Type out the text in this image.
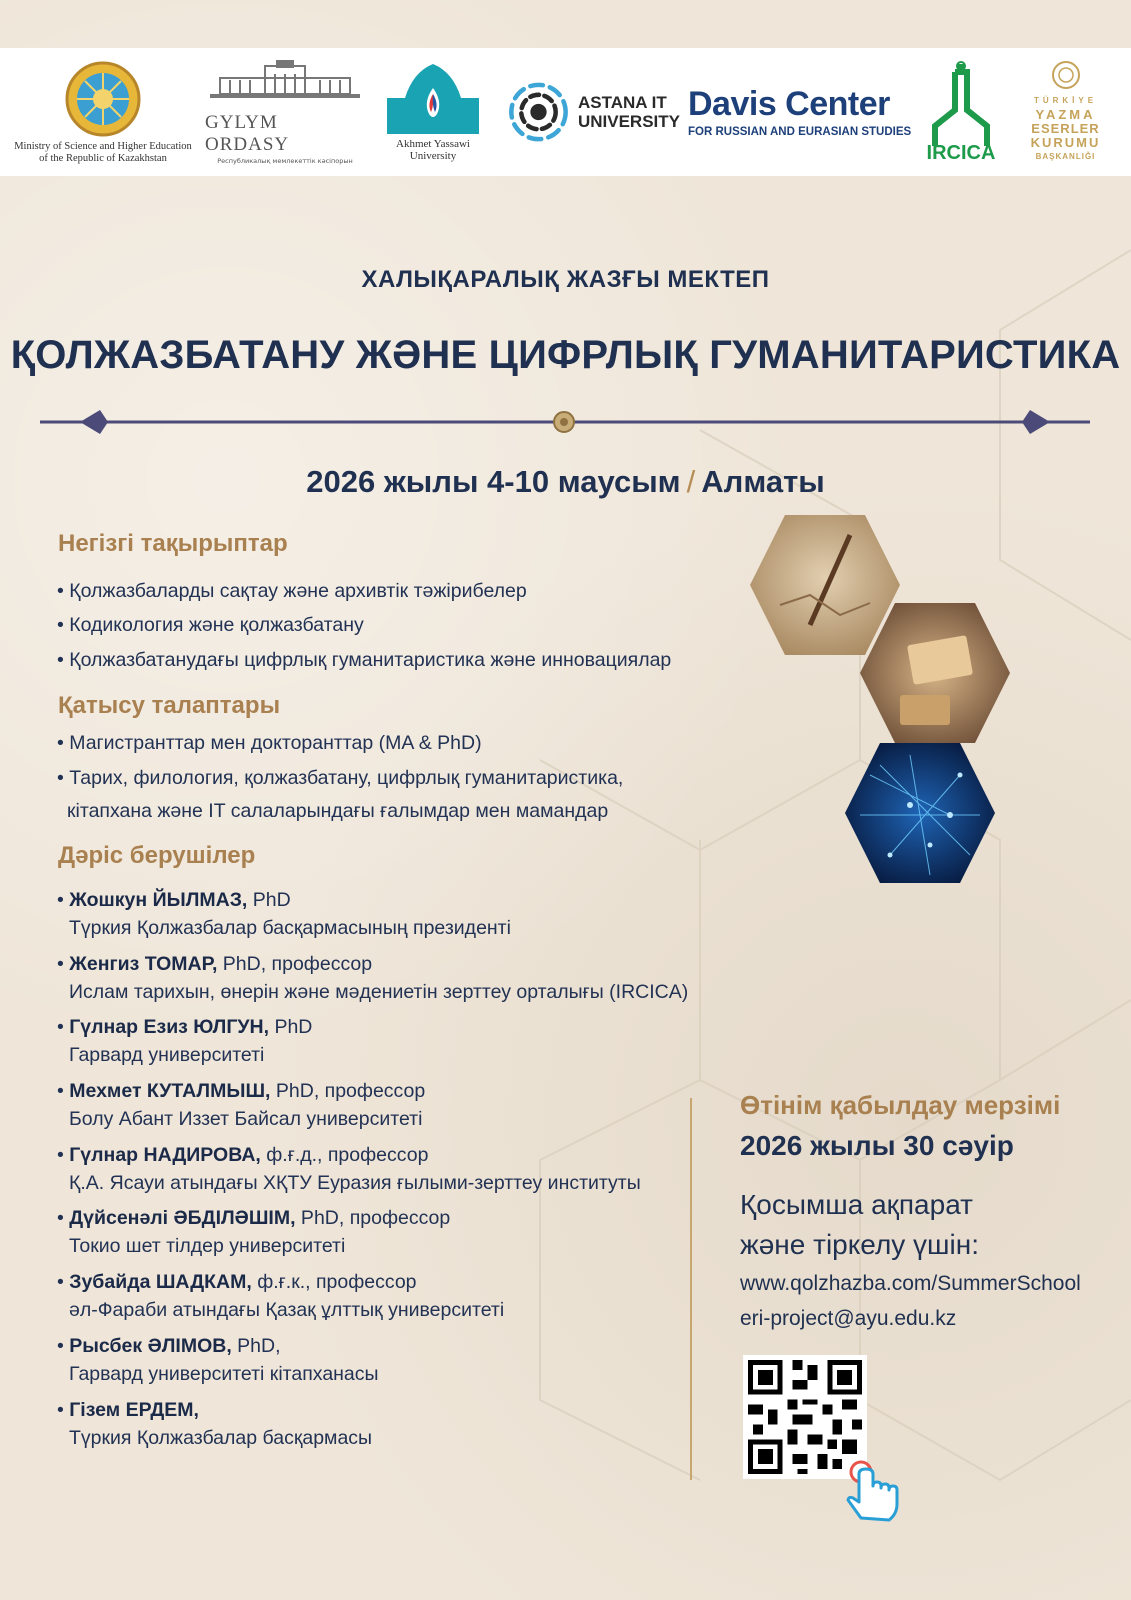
Ministry of Science and Higher Education
of the Republic of Kazakhstan
GYLYM ORDASY
Республикалық мемлекеттік кәсіпорын
Akhmet Yassawi
University
ASTANA IT
UNIVERSITY Davis Center
FOR RUSSIAN AND EURASIAN STUDIES
IRCICA
TÜRKİYE
YAZMA
ESERLER
KURUMU
BAŞKANLIĞI
ХАЛЫҚАРАЛЫҚ ЖАЗҒЫ МЕКТЕП
ҚОЛЖАЗБАТАНУ ЖӘНЕ ЦИФРЛЫҚ ГУМАНИТАРИСТИКА
2026 жылы 4-10 маусым / Алматы
Негізгі тақырыптар
• Қолжазбаларды сақтау және архивтік тәжірибелер
• Кодикология және қолжазбатану
• Қолжазбатанудағы цифрлық гуманитаристика және инновациялар
Қатысу талаптары
• Магистранттар мен докторанттар (MA & PhD)
• Тарих, филология, қолжазбатану, цифрлық гуманитаристика,
кітапхана және IT салаларындағы ғалымдар мен мамандар
Дәріс берушілер
• Жошкун ЙЫЛМАЗ, PhD
Түркия Қолжазбалар басқармасының президенті
• Женгиз ТОМАР, PhD, профессор
Ислам тарихын, өнерін және мәдениетін зерттеу орталығы (IRCICA)
• Гүлнар Езиз ЮЛГУН, PhD
Гарвард университеті
• Мехмет КУТАЛМЫШ, PhD, профессор
Болу Абант Иззет Байсал университеті
• Гүлнар НАДИРОВА, ф.ғ.д., профессор
Қ.А. Ясауи атындағы ХҚТУ Еуразия ғылыми-зерттеу институты
• Дүйсенәлі ӘБДІЛӘШІМ, PhD, профессор
Токио шет тілдер университеті
• Зубайда ШАДКАМ, ф.ғ.к., профессор
әл-Фараби атындағы Қазақ ұлттық университеті
• Рысбек ӘЛІМОВ, PhD,
Гарвард университеті кітапханасы
• Гізем ЕРДЕМ,
Түркия Қолжазбалар басқармасы
Өтінім қабылдау мерзімі
2026 жылы 30 сәуір
Қосымша ақпарат
және тіркелу үшін:
www.qolzhazba.com/SummerSchool
eri-project@ayu.edu.kz
